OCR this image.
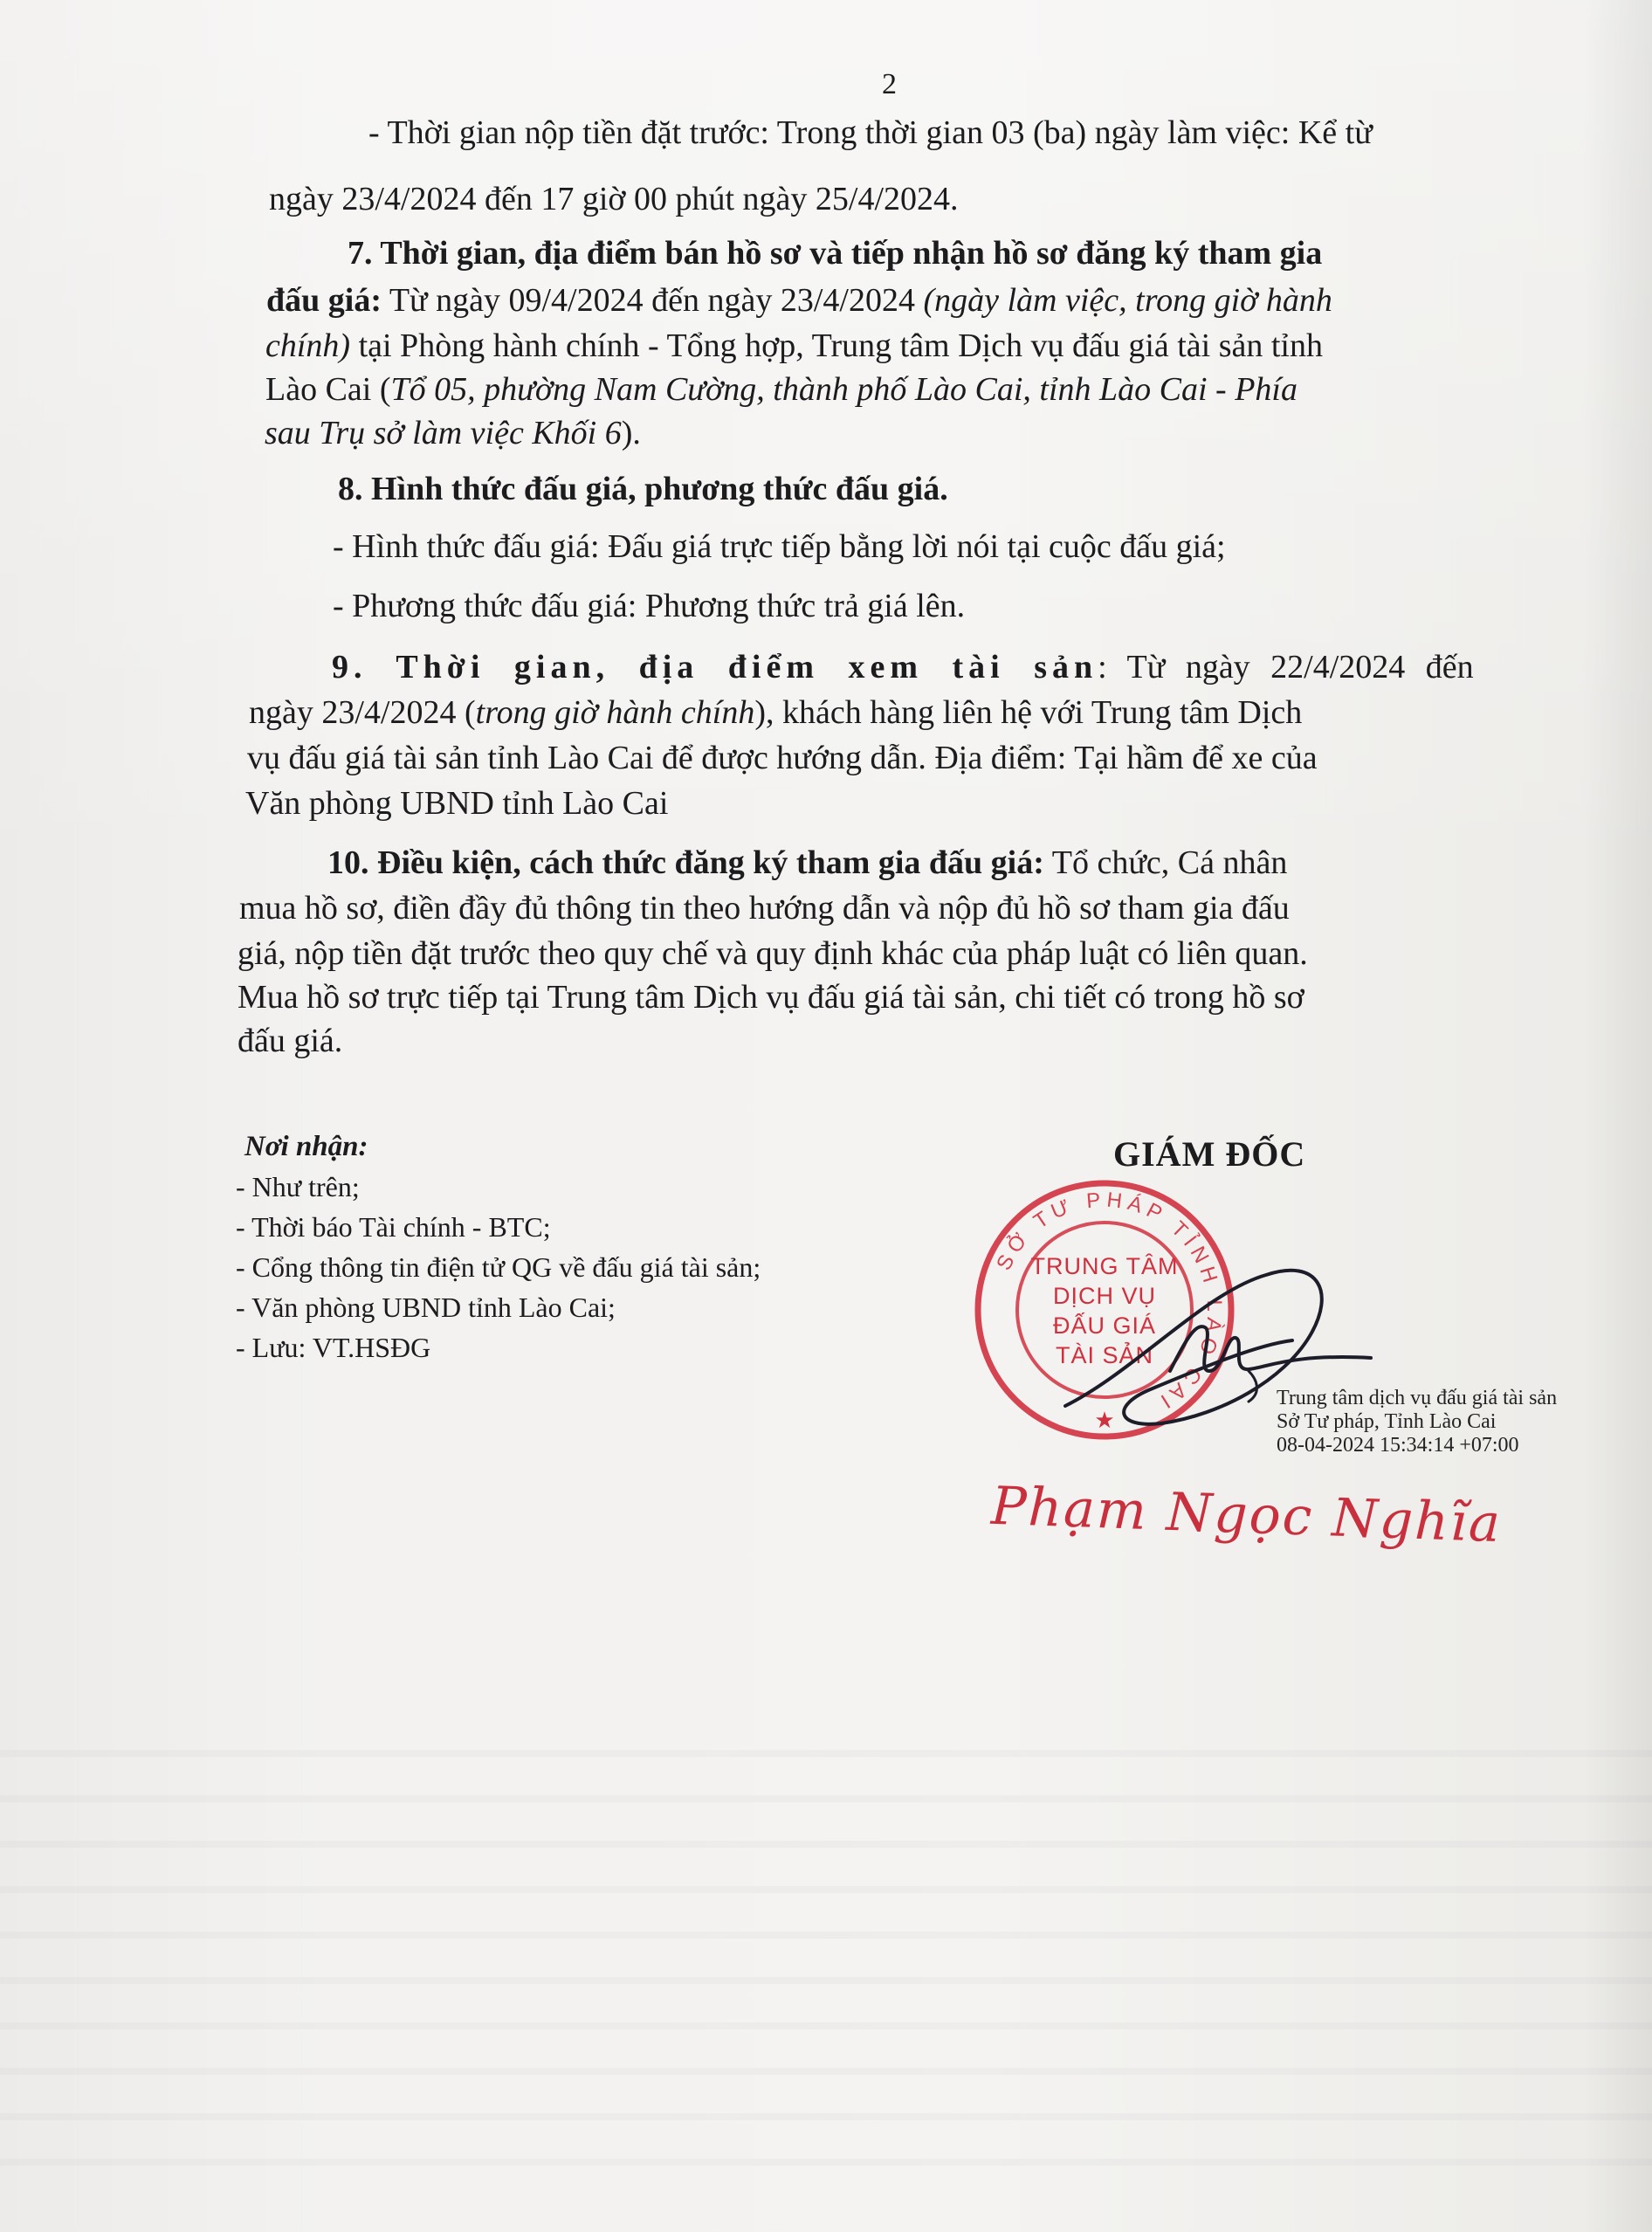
2
- Thời gian nộp tiền đặt trước: Trong thời gian 03 (ba) ngày làm việc: Kể từ
ngày 23/4/2024 đến 17 giờ 00 phút ngày 25/4/2024.
7. Thời gian, địa điểm bán hồ sơ và tiếp nhận hồ sơ đăng ký tham gia
đấu giá: Từ ngày 09/4/2024 đến ngày 23/4/2024 (ngày làm việc, trong giờ hành
chính) tại Phòng hành chính - Tổng hợp, Trung tâm Dịch vụ đấu giá tài sản tỉnh
Lào Cai (Tổ 05, phường Nam Cường, thành phố Lào Cai, tỉnh Lào Cai - Phía
sau Trụ sở làm việc Khối 6).
8. Hình thức đấu giá, phương thức đấu giá.
- Hình thức đấu giá: Đấu giá trực tiếp bằng lời nói tại cuộc đấu giá;
- Phương thức đấu giá: Phương thức trả giá lên.
9. Thời gian, địa điểm xem tài sản: Từ ngày 22/4/2024 đến
ngày 23/4/2024 (trong giờ hành chính), khách hàng liên hệ với Trung tâm Dịch
vụ đấu giá tài sản tỉnh Lào Cai để được hướng dẫn. Địa điểm: Tại hầm để xe của
Văn phòng UBND tỉnh Lào Cai
10. Điều kiện, cách thức đăng ký tham gia đấu giá: Tổ chức, Cá nhân
mua hồ sơ, điền đầy đủ thông tin theo hướng dẫn và nộp đủ hồ sơ tham gia đấu
giá, nộp tiền đặt trước theo quy chế và quy định khác của pháp luật có liên quan.
Mua hồ sơ trực tiếp tại Trung tâm Dịch vụ đấu giá tài sản, chi tiết có trong hồ sơ
đấu giá.
Nơi nhận:
- Như trên;
- Thời báo Tài chính - BTC;
- Cổng thông tin điện tử QG về đấu giá tài sản;
- Văn phòng UBND tỉnh Lào Cai;
- Lưu: VT.HSĐG
GIÁM ĐỐC
SỞ TƯ PHÁP TỈNH LÀO CAI
★
TRUNG TÂM
DỊCH VỤ
ĐẤU GIÁ
TÀI SẢN
Trung tâm dịch vụ đấu giá tài sản
Sở Tư pháp, Tỉnh Lào Cai
08-04-2024 15:34:14 +07:00
Phạm Ngọc Nghĩa
